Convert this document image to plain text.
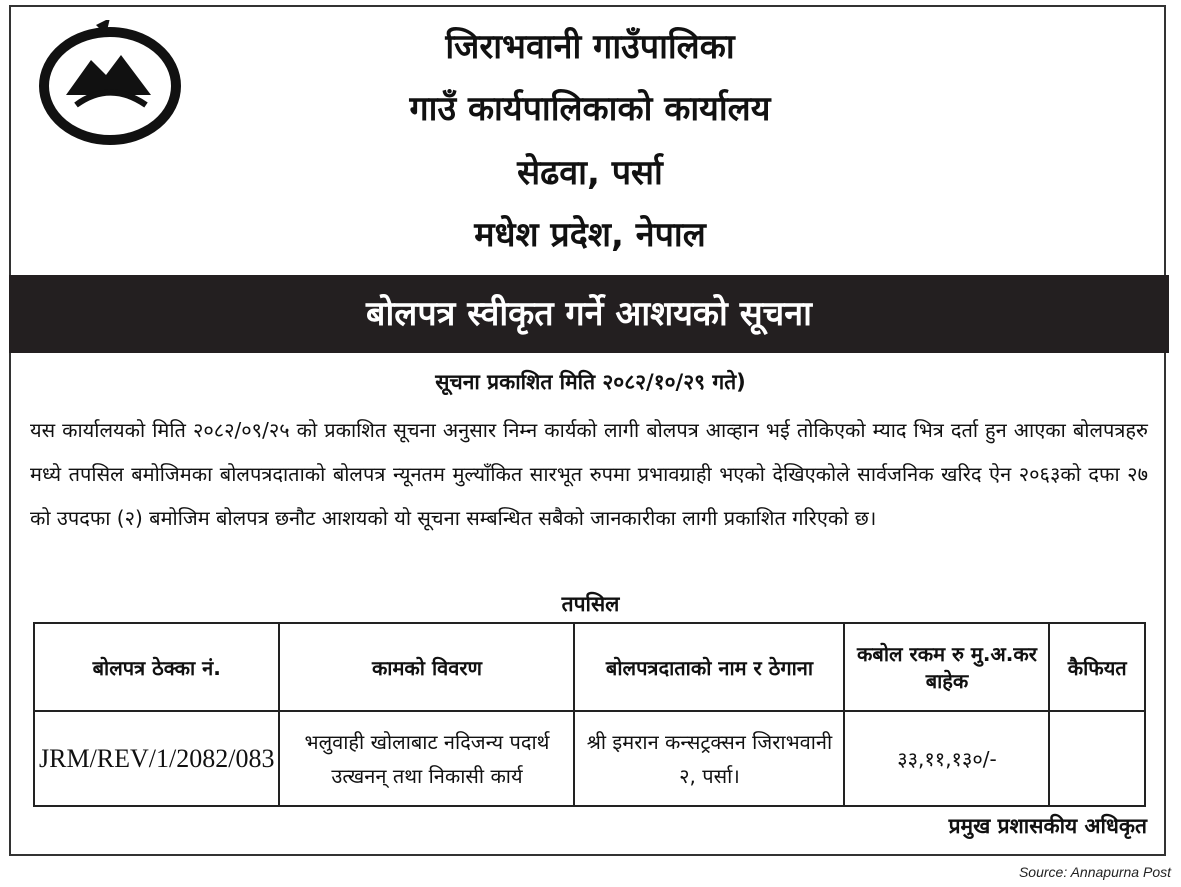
जिराभवानी गाउँपालिका
गाउँ कार्यपालिकाको कार्यालय
सेढवा, पर्सा
मधेश प्रदेश, नेपाल
बोलपत्र स्वीकृत गर्ने आशयको सूचना
सूचना प्रकाशित मिति २०८२/१०/२९ गते)
यस कार्यालयको मिति २०८२/०९/२५ को प्रकाशित सूचना अनुसार निम्न कार्यको लागी बोलपत्र आव्हान भई तोकिएको म्याद भित्र दर्ता हुन आएका बोलपत्रहरु मध्ये तपसिल बमोजिमका बोलपत्रदाताको बोलपत्र न्यूनतम मुल्याँकित सारभूत रुपमा प्रभावग्राही भएको देखिएकोले सार्वजनिक खरिद ऐन २०६३को दफा २७ को उपदफा (२) बमोजिम बोलपत्र छनौट आशयको यो सूचना सम्बन्धित सबैको जानकारीका लागी प्रकाशित गरिएको छ।
तपसिल
बोलपत्र ठेक्का नं.	कामको विवरण	बोलपत्रदाताको नाम र ठेगाना	कबोल रकम रु मु.अ.कर बाहेक	कैफियत
JRM/REV/1/2082/083	भलुवाही खोलाबाट नदिजन्य पदार्थ उत्खनन् तथा निकासी कार्य	श्री इमरान कन्सट्रक्सन जिराभवानी २, पर्सा।	३३,११,१३०/-	
प्रमुख प्रशासकीय अधिकृत
Source: Annapurna Post
